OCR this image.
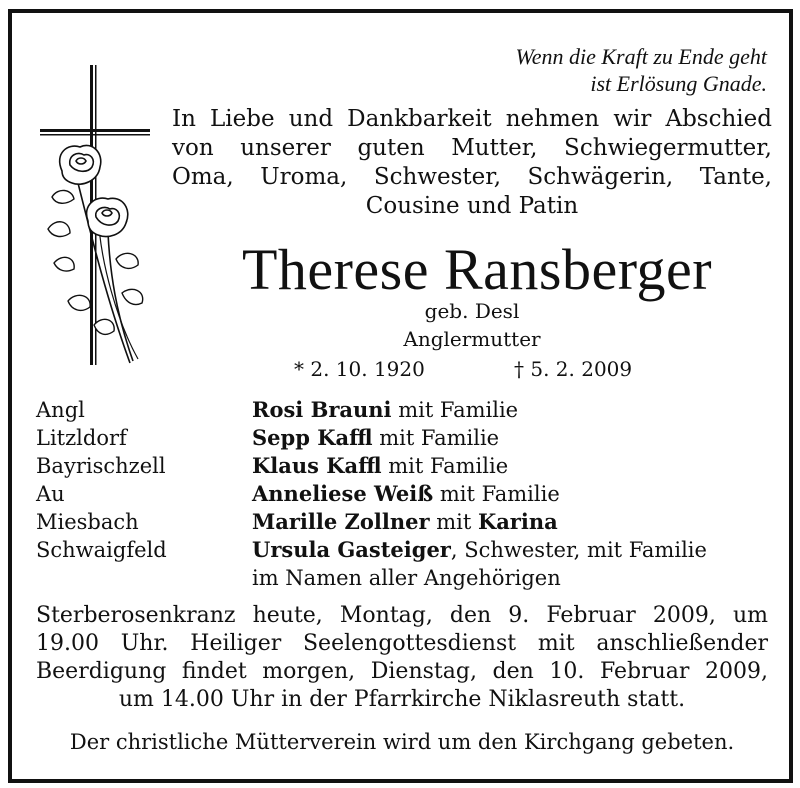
Wenn die Kraft zu Ende geht
ist Erlösung Gnade.
In Liebe und Dankbarkeit nehmen wir Abschied
von unserer guten Mutter, Schwiegermutter,
Oma, Uroma, Schwester, Schwägerin, Tante,
Cousine und Patin
Therese Ransberger
geb. Desl
Anglermutter
* 2. 10. 1920	† 5. 2. 2009
Angl	Rosi Brauni mit Familie
Litzldorf	Sepp Kaffl mit Familie
Bayrischzell	Klaus Kaffl mit Familie
Au	Anneliese Weiß mit Familie
Miesbach	Marille Zollner mit Karina
Schwaigfeld	Ursula Gasteiger, Schwester, mit Familie
im Namen aller Angehörigen
Sterberosenkranz heute, Montag, den 9. Februar 2009, um
19.00 Uhr. Heiliger Seelengottesdienst mit anschließender
Beerdigung findet morgen, Dienstag, den 10. Februar 2009,
um 14.00 Uhr in der Pfarrkirche Niklasreuth statt.
Der christliche Mütterverein wird um den Kirchgang gebeten.
